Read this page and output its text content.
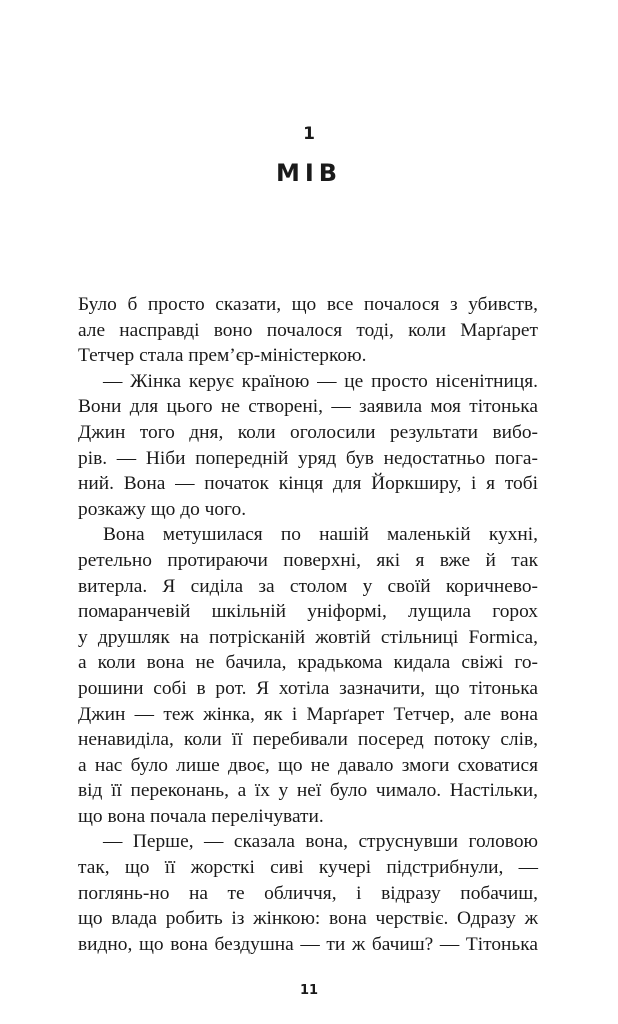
1
МІВ
Було б просто сказати, що все почалося з убивств,
але насправді воно почалося тоді, коли Марґарет
Тетчер стала прем’єр-міністеркою.
— Жінка керує країною — це просто нісенітниця.
Вони для цього не створені, — заявила моя тітонька
Джин того дня, коли оголосили результати вибо-
рів. — Ніби попередній уряд був недостатньо пога-
ний. Вона — початок кінця для Йоркширу, і я тобі
розкажу що до чого.
Вона метушилася по нашій маленькій кухні,
ретельно протираючи поверхні, які я вже й так
витерла. Я сиділа за столом у своїй коричнево-
помаранчевій шкільній уніформі, лущила горох
у друшляк на потрісканій жовтій стільниці Formica,
а коли вона не бачила, крадькома кидала свіжі го-
рошини собі в рот. Я хотіла зазначити, що тітонька
Джин — теж жінка, як і Марґарет Тетчер, але вона
ненавиділа, коли її перебивали посеред потоку слів,
а нас було лише двоє, що не давало змоги сховатися
від її переконань, а їх у неї було чимало. Настільки,
що вона почала перелічувати.
— Перше, — сказала вона, струснувши головою
так, що її жорсткі сиві кучері підстрибнули, —
поглянь-но на те обличчя, і відразу побачиш,
що влада робить із жінкою: вона черствіє. Одразу ж
видно, що вона бездушна — ти ж бачиш? — Тітонька
11
